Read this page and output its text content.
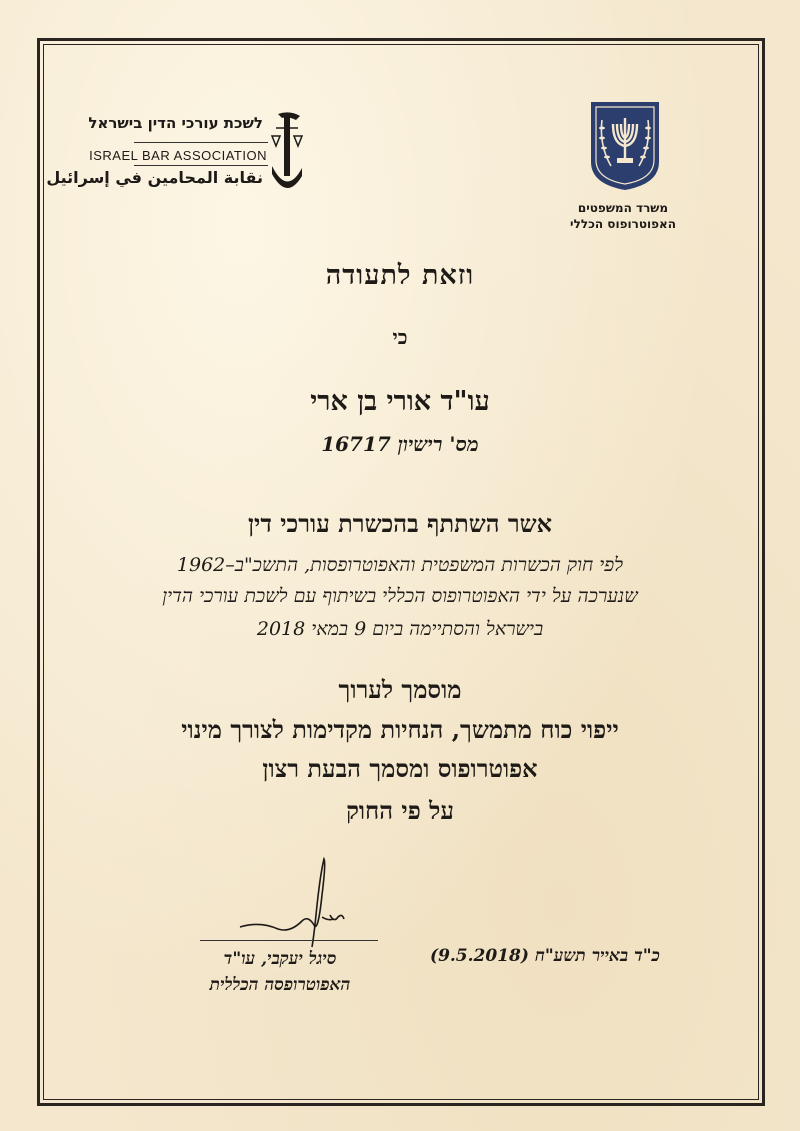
לשכת עורכי הדין בישראל
ISRAEL BAR ASSOCIATION
نقابة المحامين في إسرائيل
משרד המשפטים
האפוטרופוס הכללי
וזאת לתעודה
כי
עו"ד אורי בן ארי
מס' רישיון 16717
אשר השתתף בהכשרת עורכי דין
לפי חוק הכשרות המשפטית והאפוטרופסות, התשכ"ב–1962
שנערכה על ידי האפוטרופוס הכללי בשיתוף עם לשכת עורכי הדין
בישראל והסתיימה ביום 9 במאי 2018
מוסמך לערוך
ייפוי כוח מתמשך, הנחיות מקדימות לצורך מינוי
אפוטרופוס ומסמך הבעת רצון
על פי החוק
סיגל יעקבי, עו"ד
האפוטרופסה הכללית
כ"ד באייר תשע"ח (9.5.2018)
